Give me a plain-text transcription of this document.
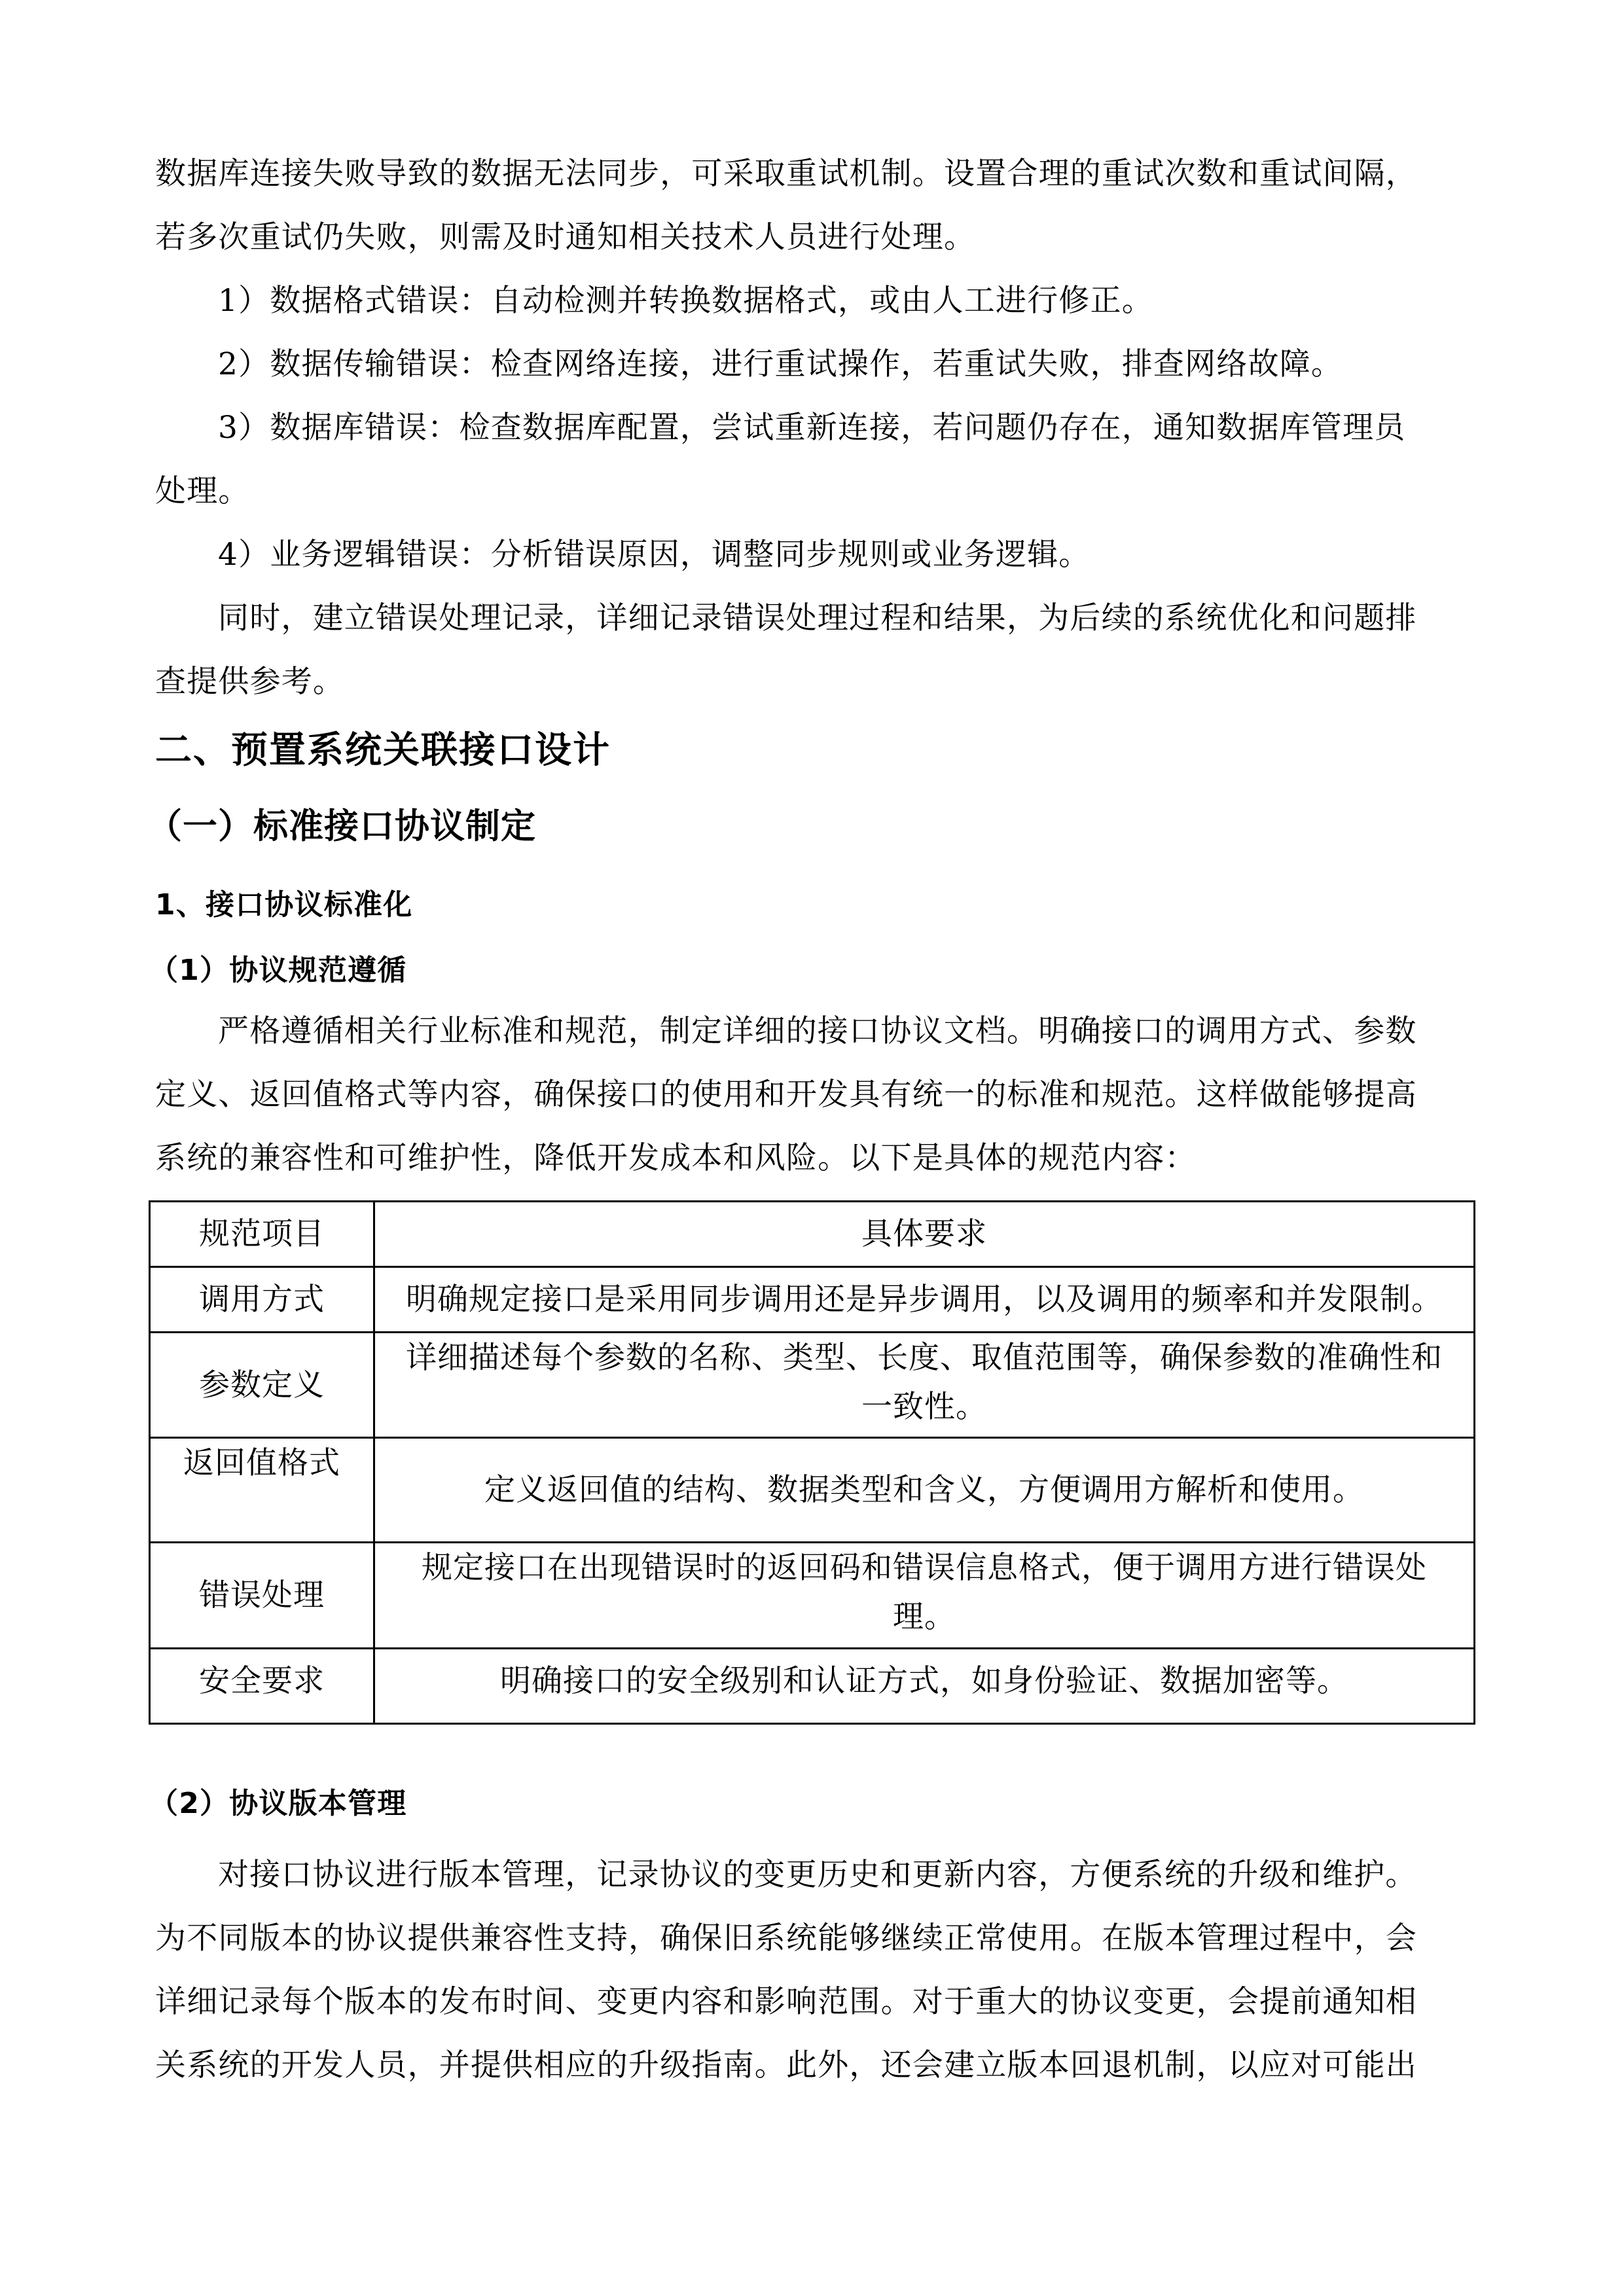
数据库连接失败导致的数据无法同步，可采取重试机制。设置合理的重试次数和重试间隔，
若多次重试仍失败，则需及时通知相关技术人员进行处理。
1）数据格式错误：自动检测并转换数据格式，或由人工进行修正。
2）数据传输错误：检查网络连接，进行重试操作，若重试失败，排查网络故障。
3）数据库错误：检查数据库配置，尝试重新连接，若问题仍存在，通知数据库管理员
处理。
4）业务逻辑错误：分析错误原因，调整同步规则或业务逻辑。
同时，建立错误处理记录，详细记录错误处理过程和结果，为后续的系统优化和问题排
查提供参考。
二、预置系统关联接口设计
（一）标准接口协议制定
1、接口协议标准化
（1）协议规范遵循
严格遵循相关行业标准和规范，制定详细的接口协议文档。明确接口的调用方式、参数
定义、返回值格式等内容，确保接口的使用和开发具有统一的标准和规范。这样做能够提高
系统的兼容性和可维护性，降低开发成本和风险。以下是具体的规范内容：
规范项目	具体要求
调用方式	明确规定接口是采用同步调用还是异步调用，以及调用的频率和并发限制。
参数定义	详细描述每个参数的名称、类型、长度、取值范围等，确保参数的准确性和一致性。
返回值格式	定义返回值的结构、数据类型和含义，方便调用方解析和使用。
错误处理	规定接口在出现错误时的返回码和错误信息格式，便于调用方进行错误处理。
安全要求	明确接口的安全级别和认证方式，如身份验证、数据加密等。
（2）协议版本管理
对接口协议进行版本管理，记录协议的变更历史和更新内容，方便系统的升级和维护。
为不同版本的协议提供兼容性支持，确保旧系统能够继续正常使用。在版本管理过程中，会
详细记录每个版本的发布时间、变更内容和影响范围。对于重大的协议变更，会提前通知相
关系统的开发人员，并提供相应的升级指南。此外，还会建立版本回退机制，以应对可能出
